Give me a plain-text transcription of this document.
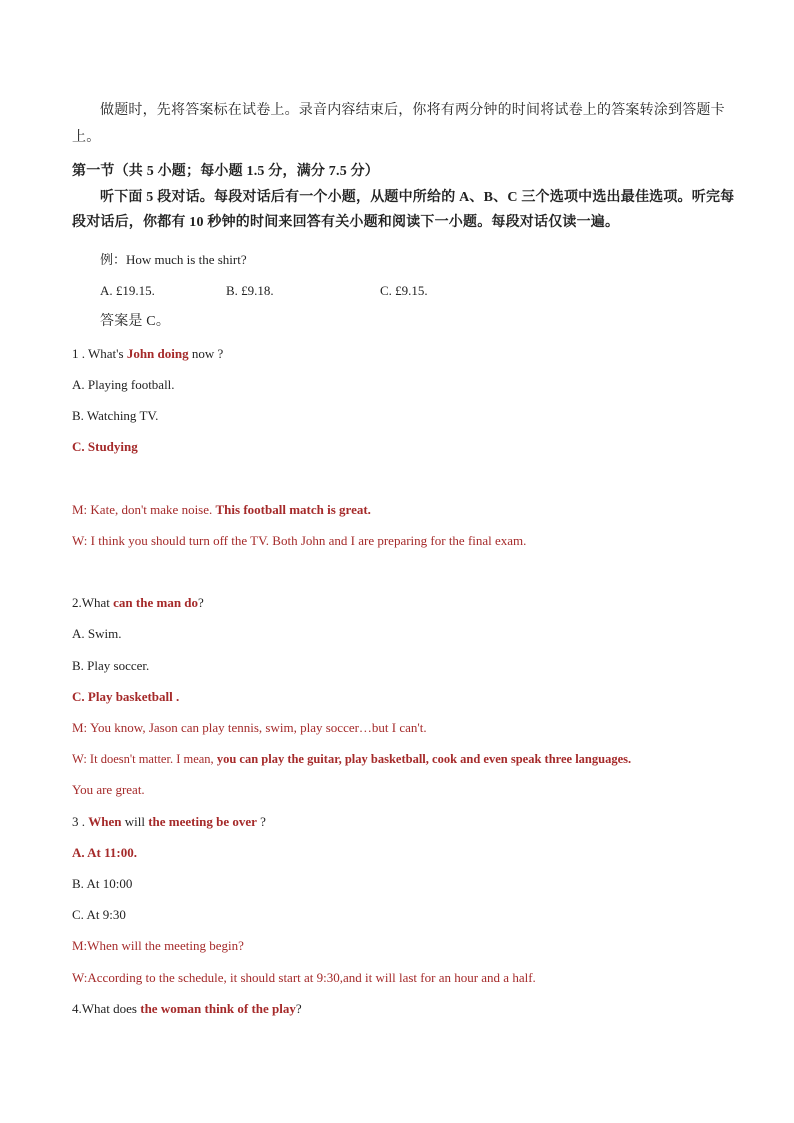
做题时，先将答案标在试卷上。录音内容结束后，你将有两分钟的时间将试卷上的答案转涂到答题卡
上。
第一节（共 5 小题；每小题 1.5 分，满分 7.5 分）
听下面 5 段对话。每段对话后有一个小题，从题中所给的 A、B、C 三个选项中选出最佳选项。听完每
段对话后，你都有 10 秒钟的时间来回答有关小题和阅读下一小题。每段对话仅读一遍。
例：How much is the shirt?
A. £19.15.	B. £9.18.	C. £9.15.
答案是 C。
1 . What's John doing now ?
A. Playing football.
B. Watching TV.
C. Studying
M: Kate, don't make noise. This football match is great.
W: I think you should turn off the TV. Both John and I are preparing for the final exam.
2.What can the man do?
A. Swim.
B. Play soccer.
C. Play basketball .
M: You know, Jason can play tennis, swim, play soccer…but I can't.
W: It doesn't matter. I mean, you can play the guitar, play basketball, cook and even speak three languages.
You are great.
3 . When will the meeting be over ?
A. At 11:00.
B. At 10:00
C. At 9:30
M:When will the meeting begin?
W:According to the schedule, it should start at 9:30,and it will last for an hour and a half.
4.What does the woman think of the play?
